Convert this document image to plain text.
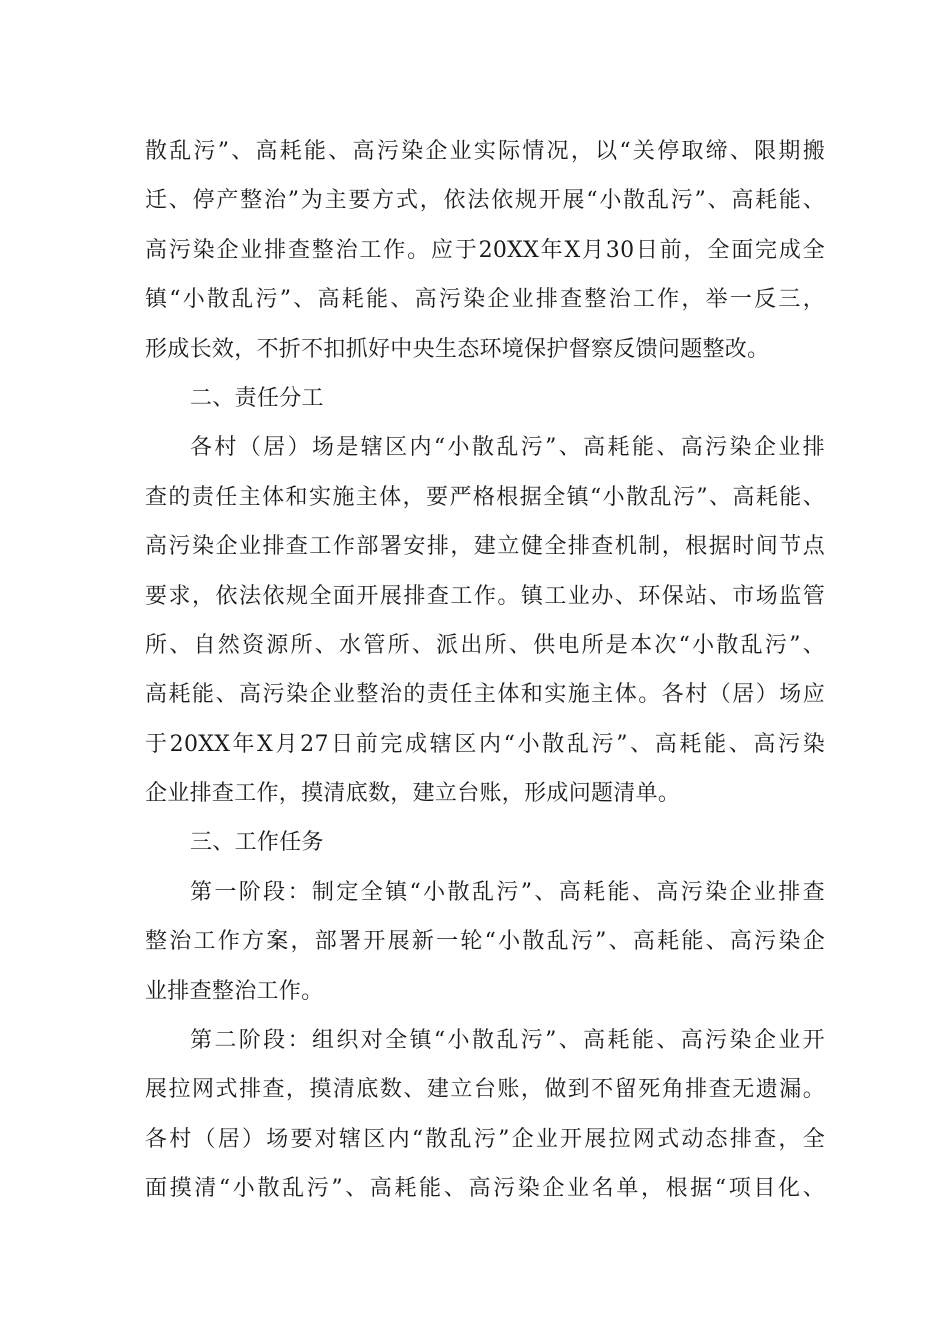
散乱污”、高耗能、高污染企业实际情况，以“关停取缔、限期搬
迁、停产整治”为主要方式，依法依规开展“小散乱污”、高耗能、
高污染企业排查整治工作。应于20XX年X月30日前，全面完成全
镇“小散乱污”、高耗能、高污染企业排查整治工作，举一反三，
形成长效，不折不扣抓好中央生态环境保护督察反馈问题整改。
二、责任分工
各村（居）场是辖区内“小散乱污”、高耗能、高污染企业排
查的责任主体和实施主体，要严格根据全镇“小散乱污”、高耗能、
高污染企业排查工作部署安排，建立健全排查机制，根据时间节点
要求，依法依规全面开展排查工作。镇工业办、环保站、市场监管
所、自然资源所、水管所、派出所、供电所是本次“小散乱污”、
高耗能、高污染企业整治的责任主体和实施主体。各村（居）场应
于20XX年X月27日前完成辖区内“小散乱污”、高耗能、高污染
企业排查工作，摸清底数，建立台账，形成问题清单。
三、工作任务
第一阶段：制定全镇“小散乱污”、高耗能、高污染企业排查
整治工作方案，部署开展新一轮“小散乱污”、高耗能、高污染企
业排查整治工作。
第二阶段：组织对全镇“小散乱污”、高耗能、高污染企业开
展拉网式排查，摸清底数、建立台账，做到不留死角排查无遗漏。
各村（居）场要对辖区内“散乱污”企业开展拉网式动态排查，全
面摸清“小散乱污”、高耗能、高污染企业名单，根据“项目化、
